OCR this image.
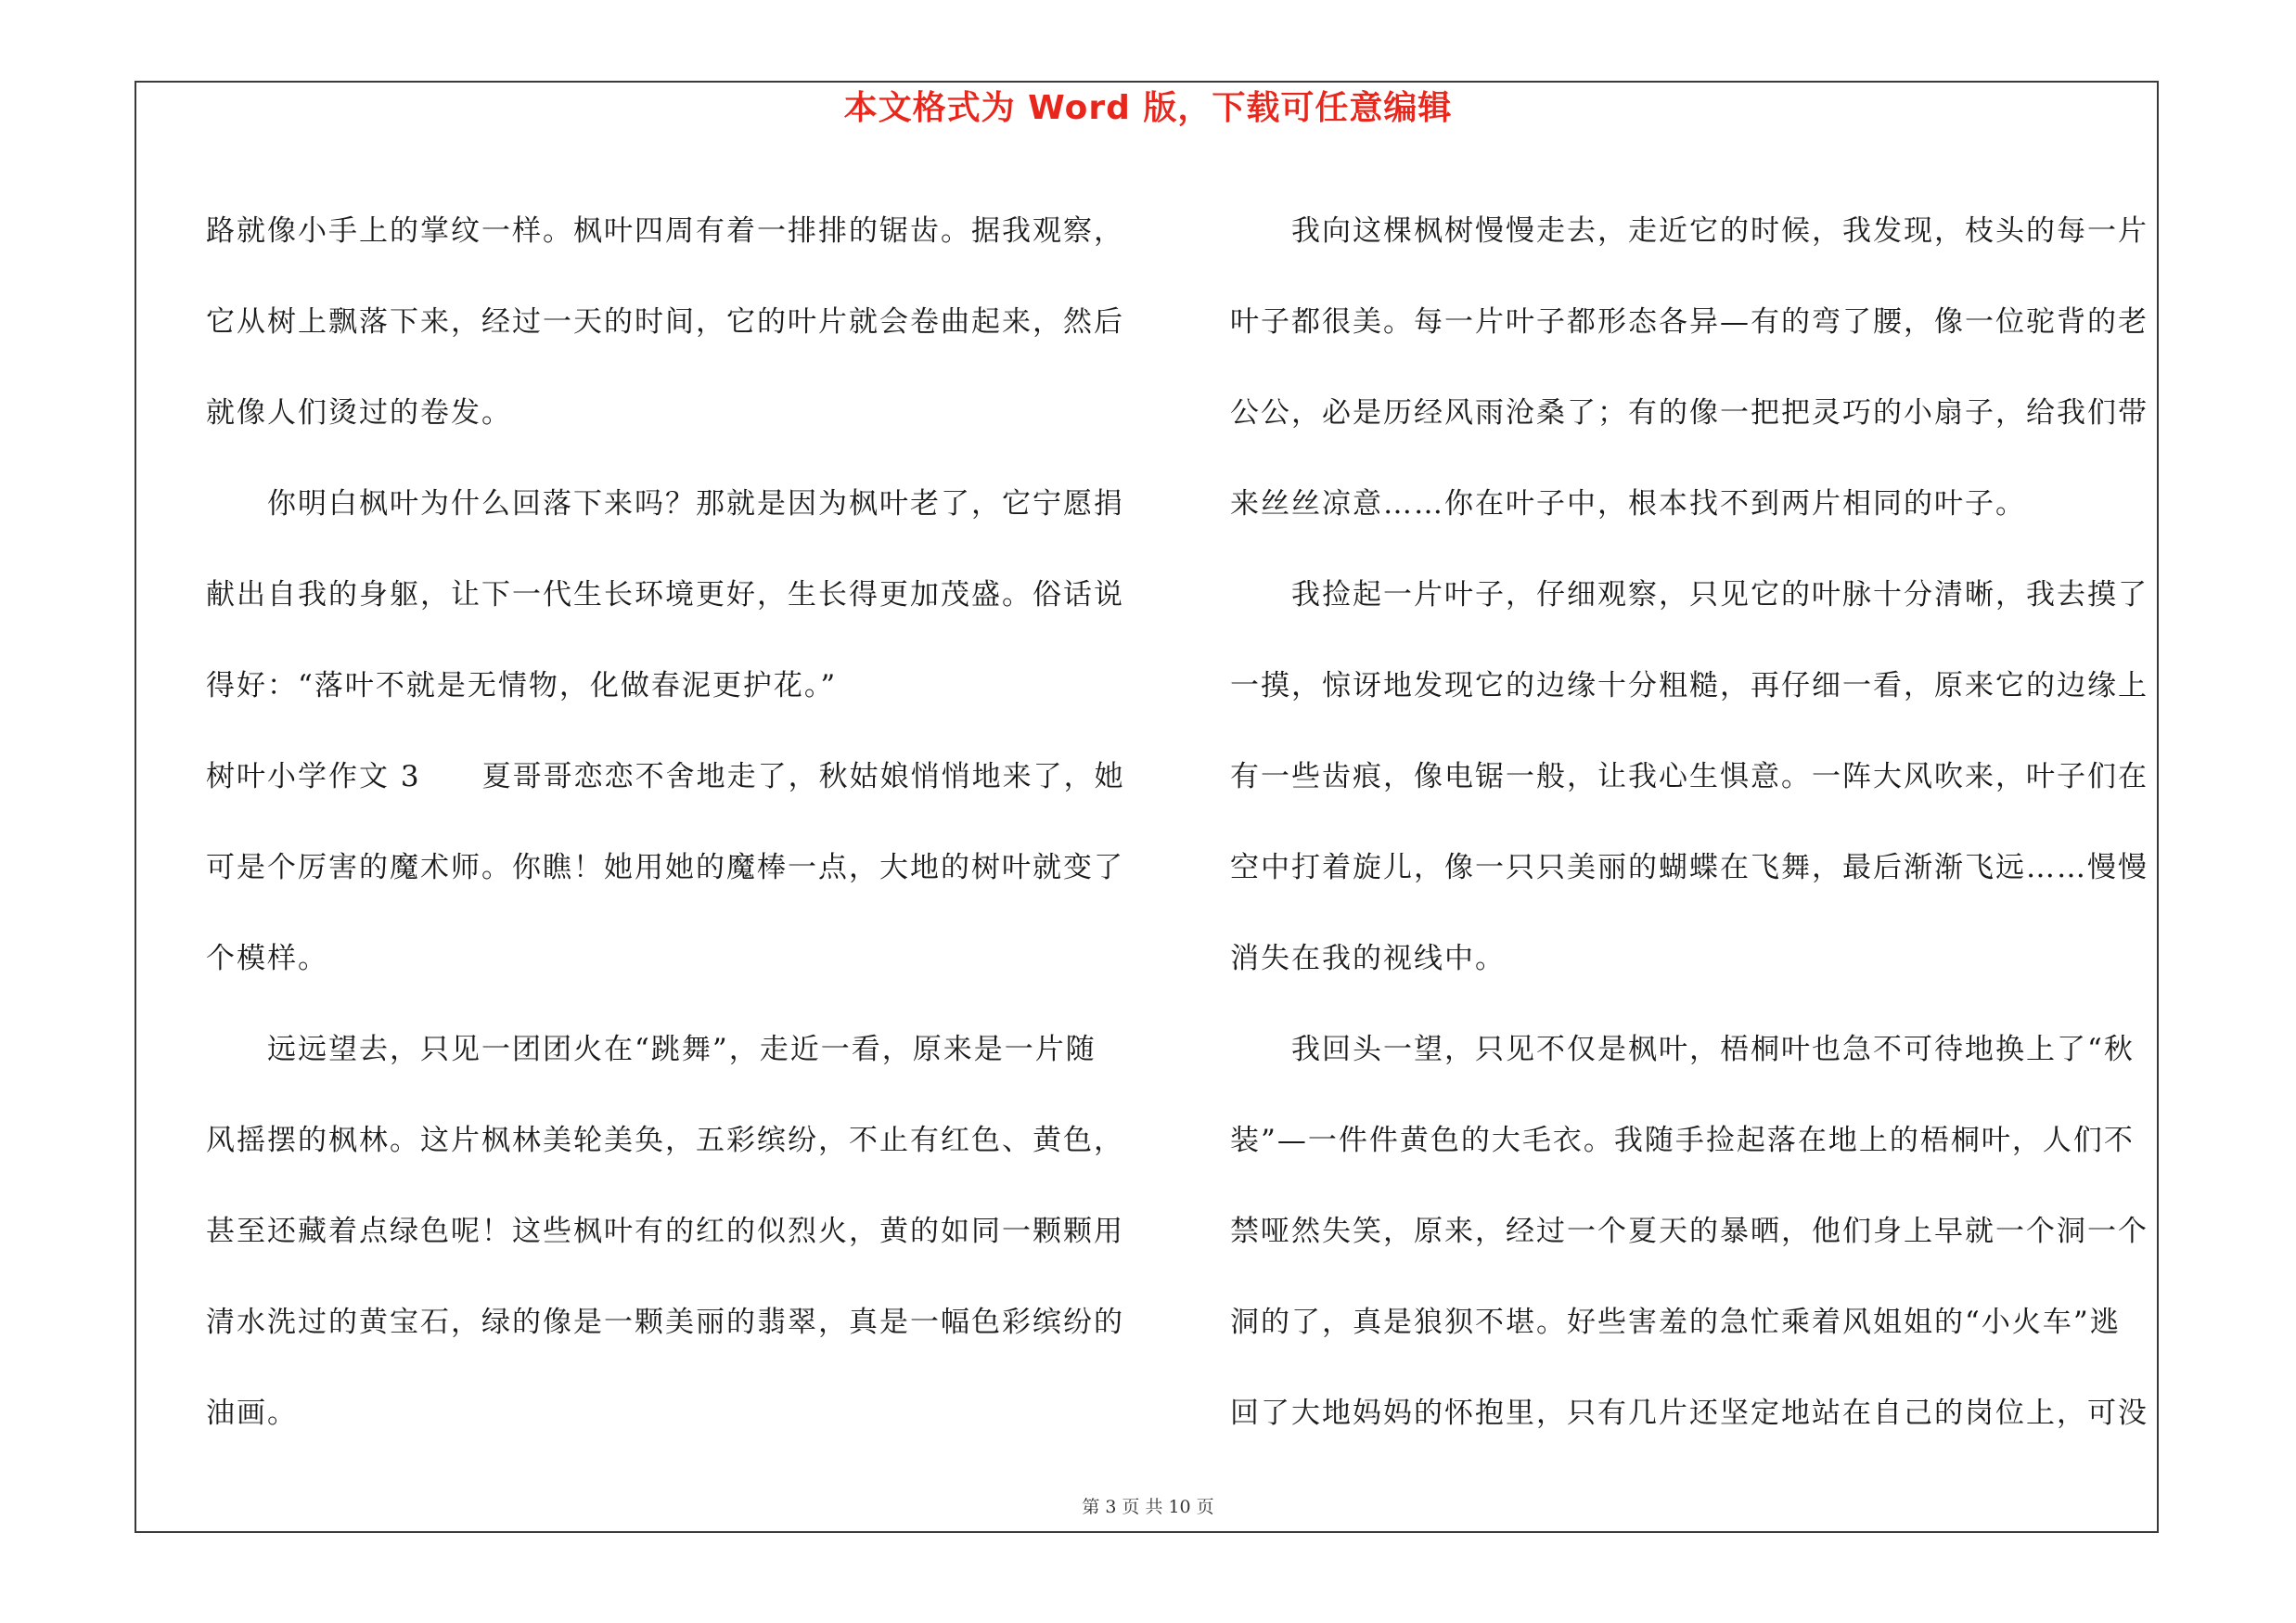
本文格式为 Word 版，下载可任意编辑
路就像小手上的掌纹一样。枫叶四周有着一排排的锯齿。据我观察，
它从树上飘落下来，经过一天的时间，它的叶片就会卷曲起来，然后
就像人们烫过的卷发。
你明白枫叶为什么回落下来吗？那就是因为枫叶老了，它宁愿捐
献出自我的身躯，让下一代生长环境更好，生长得更加茂盛。俗话说
得好：“落叶不就是无情物，化做春泥更护花。”
树叶小学作文 3　　夏哥哥恋恋不舍地走了，秋姑娘悄悄地来了，她
可是个厉害的魔术师。你瞧！她用她的魔棒一点，大地的树叶就变了
个模样。
远远望去，只见一团团火在“跳舞”，走近一看，原来是一片随
风摇摆的枫林。这片枫林美轮美奂，五彩缤纷，不止有红色、黄色，
甚至还藏着点绿色呢！这些枫叶有的红的似烈火，黄的如同一颗颗用
清水洗过的黄宝石，绿的像是一颗美丽的翡翠，真是一幅色彩缤纷的
油画。
我向这棵枫树慢慢走去，走近它的时候，我发现，枝头的每一片
叶子都很美。每一片叶子都形态各异—有的弯了腰，像一位驼背的老
公公，必是历经风雨沧桑了；有的像一把把灵巧的小扇子，给我们带
来丝丝凉意……你在叶子中，根本找不到两片相同的叶子。
我捡起一片叶子，仔细观察，只见它的叶脉十分清晰，我去摸了
一摸，惊讶地发现它的边缘十分粗糙，再仔细一看，原来它的边缘上
有一些齿痕，像电锯一般，让我心生惧意。一阵大风吹来，叶子们在
空中打着旋儿，像一只只美丽的蝴蝶在飞舞，最后渐渐飞远……慢慢
消失在我的视线中。
我回头一望，只见不仅是枫叶，梧桐叶也急不可待地换上了“秋
装”—一件件黄色的大毛衣。我随手捡起落在地上的梧桐叶，人们不
禁哑然失笑，原来，经过一个夏天的暴晒，他们身上早就一个洞一个
洞的了，真是狼狈不堪。好些害羞的急忙乘着风姐姐的“小火车”逃
回了大地妈妈的怀抱里，只有几片还坚定地站在自己的岗位上，可没
第 3 页 共 10 页
